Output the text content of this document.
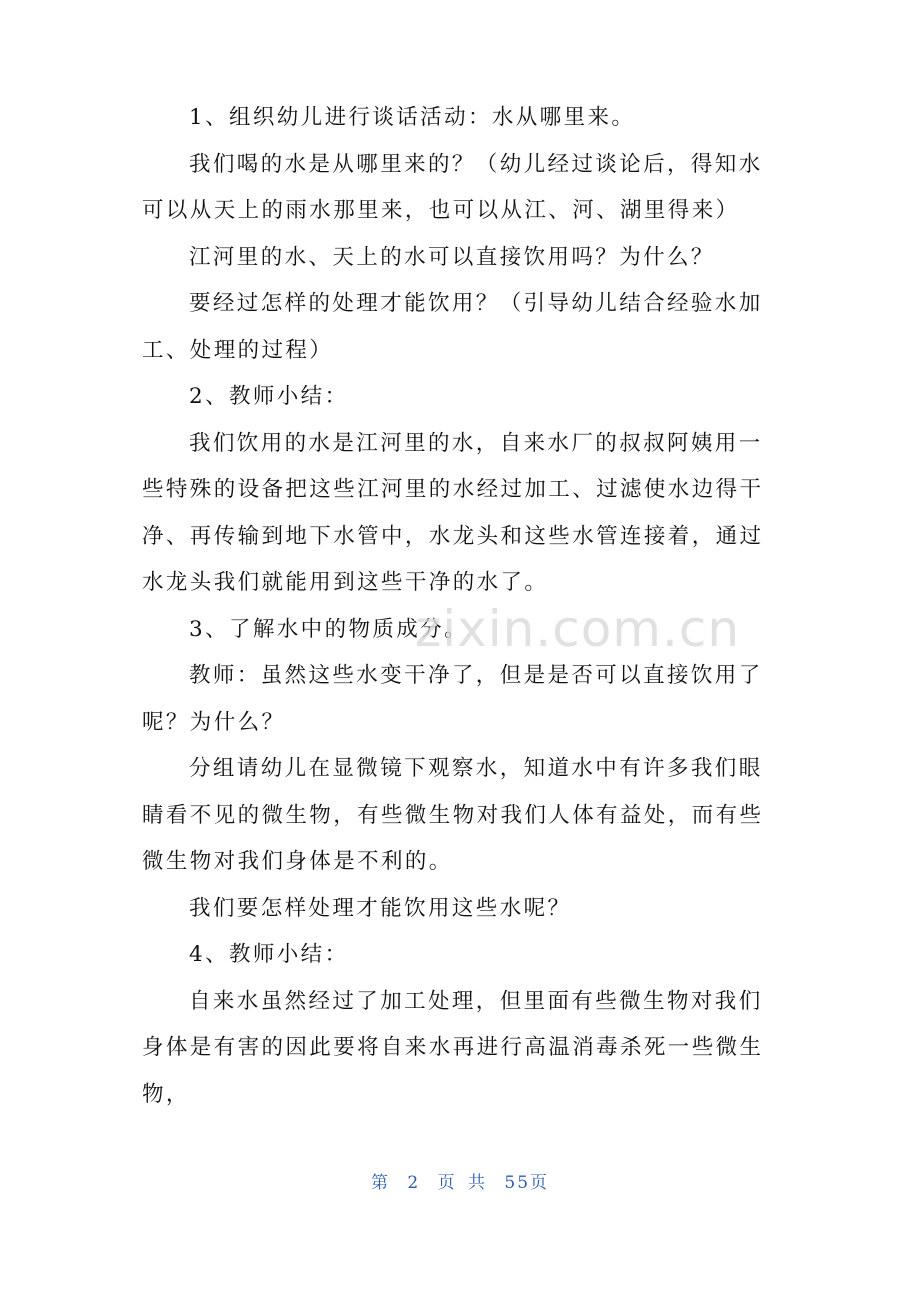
1、组织幼儿进行谈话活动：水从哪里来。

我们喝的水是从哪里来的？（幼儿经过谈论后，得知水可以从天上的雨水那里来，也可以从江、河、湖里得来）

江河里的水、天上的水可以直接饮用吗？为什么？

要经过怎样的处理才能饮用？（引导幼儿结合经验水加工、处理的过程）

2、教师小结：

我们饮用的水是江河里的水，自来水厂的叔叔阿姨用一些特殊的设备把这些江河里的水经过加工、过滤使水边得干净、再传输到地下水管中，水龙头和这些水管连接着，通过水龙头我们就能用到这些干净的水了。

3、了解水中的物质成分。

教师：虽然这些水变干净了，但是是否可以直接饮用了呢？为什么？

分组请幼儿在显微镜下观察水，知道水中有许多我们眼睛看不见的微生物，有些微生物对我们人体有益处，而有些微生物对我们身体是不利的。

我们要怎样处理才能饮用这些水呢？

4、教师小结：

自来水虽然经过了加工处理，但里面有些微生物对我们身体是有害的因此要将自来水再进行高温消毒杀死一些微生物，

zixin.com.cn
第 2 页 共 55页
